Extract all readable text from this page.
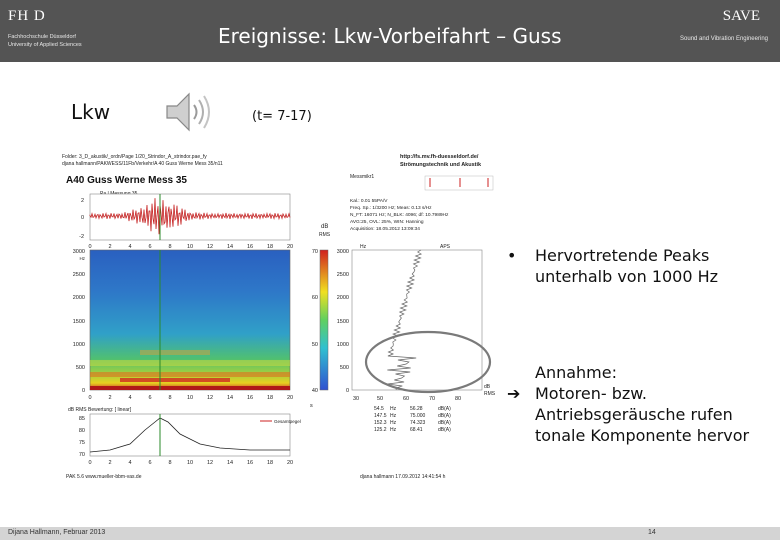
FH D
Fachhochschule Düsseldorf
University of Applied Sciences	Ereignisse: Lkw-Vorbeifahrt – Guss
SAVE
Sound and Vibration Engineering
Lkw	(t= 7-17)
Folder: 3_D_akustik/_ordn/Page 1/20_Strindor_A_strindor.pae_fy
djana hallmann/PAKWESS/11Fb/Verkehr/A 40 Guss Werne Mess 35/n11
http://fs.mv.fh-duesseldorf.de/
Strömungstechnik und Akustik
A40 Guss Werne Mess 35	Messmikr1
Kal.: 0.01 55PA/V
Freq. Sp.: 1/3200 Hz; Meas: 0.13 s/Hz
N_FT: 16071 Hz; N_BLK: 4096; df: 10.7989Hz
AVG:25, OVL: 25%, WIN: Hanning
Acquisition: 18.05.2012 13:09:34
2
0
-2
0	2	4	6	8	10	12	14	16	18	20
3000
Hz
2500
2000
1500
1000
500
0
0	2	4	6	8	10	12	14	16	18	20
s
dB
RMS
70
60
50
40
Hz	APS
3000
2500
2000
1500
1000
500
0
30	50	60	70	80
dB
RMS
54.5 Hz	56.28	dB(A)
147.5 Hz	75.000	dB(A)
152.3 Hz	74.323	dB(A)
125.2 Hz	68.41	dB(A)
dB RMS Bewertung: [ linear]
85
80
75
70
Gesamtpegel
0	2	4	6	8	10	12	14	16	18	20
PAK 5.6 www.mueller-bbm-vas.de	djana hallmann 17.09.2012 14:41:54 h
• Hervortretende Peaks
unterhalb von 1000 Hz
Annahme:
➔ Motoren- bzw.
Antriebsgeräusche rufen
tonale Komponente hervor
Dijana Hallmann, Februar 2013	14
